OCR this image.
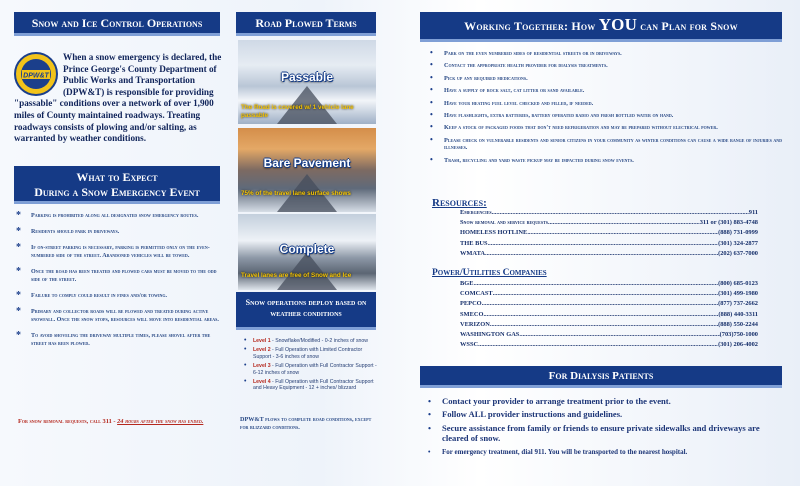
Snow and Ice Control Operations
DPW&T
When a snow emergency is declared, the Prince George's County Department of Public Works and Transportation (DPW&T) is responsible for providing "passable" conditions over a network of over 1,900 miles of County maintained roadways. Treating roadways consists of plowing and/or salting, as warranted by weather conditions.
What to Expect
During a Snow Emergency Event
* Parking is prohibited along all designated snow emergency routes.
* Residents should park in driveways.
* If on-street parking is necessary, parking is permitted only on the even-numbered side of the street. Abandoned vehicles will be towed.
* Once the road has been treated and plowed cars must be moved to the odd side of the street.
* Failure to comply could result in fines and/or towing.
* Primary and collector roads will be plowed and treated during active snowfall. Once the snow stops, resources will move into residential areas.
* To avoid shoveling the driveway multiple times, please shovel after the street has been plowed.
For snow removal requests, call 311 - 24 hours after the snow has ended.
Road Plowed Terms
Passable
The Road is covered w/ 1 vehicle lane passable
Bare Pavement
75% of the travel lane surface shows
Complete
Travel lanes are free of Snow and Ice
Snow operations deploy based on weather conditions
• Level 1 - Snowflake/Modified - 0-2 inches of snow
• Level 2 - Full Operation with Limited Contractor Support - 3-6 inches of snow
• Level 3 - Full Operation with Full Contractor Support - 6-12 inches of snow
• Level 4 - Full Operation with Full Contractor Support and Heavy Equipment - 12 + inches/ blizzard
DPW&T plows to complete road conditions, except for blizzard conditions.
Working Together: How YOU can Plan for Snow
• Park on the even numbered sides of residential streets or in driveways.
• Contact the appropriate health provider for dialysis treatments.
• Pick up any required medications.
• Have a supply of rock salt, cat litter or sand available.
• Have your heating fuel level checked and filled, if needed.
• Have flashlights, extra batteries, battery operated radio and fresh bottled water on hand.
• Keep a stock of packaged foods that don't need refrigeration and may be prepared without electrical power.
• Please check on vulnerable residents and senior citizens in your community as winter conditions can cause a wide range of injuries and illnesses.
• Trash, recycling and yard waste pickup may be impacted during snow events.
Resources:
Emergencies .....	911
Snow removal and service requests .....	311 or (301) 883-4748
HOMELESS HOTLINE .....	(888) 731-0999
THE BUS .....	(301) 324-2877
WMATA .....	(202) 637-7000
Power/Utilities Companies
BGE .....	(800) 685-0123
COMCAST .....	(301) 499-1980
PEPCO .....	(877) 737-2662
SMECO .....	(888) 440-3311
VERIZON .....	(888) 550-2244
WASHINGTON GAS .....	(703)750-1000
WSSC .....	(301) 206-4002
For Dialysis Patients
• Contact your provider to arrange treatment prior to the event.
• Follow ALL provider instructions and guidelines.
• Secure assistance from family or friends to ensure private sidewalks and driveways are cleared of snow.
• For emergency treatment, dial 911. You will be transported to the nearest hospital.
